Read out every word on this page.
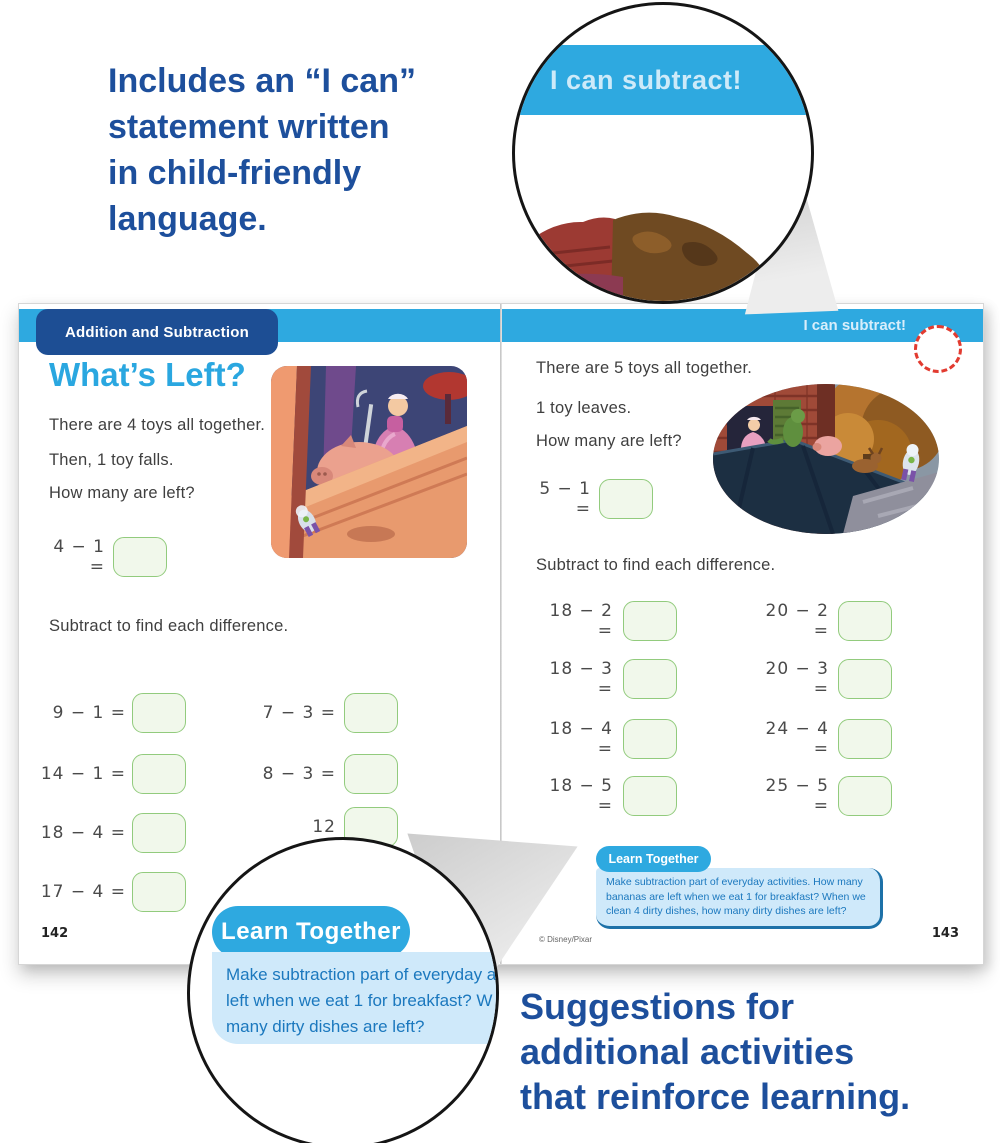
Includes an “I can”
statement written
in child-friendly
language.
I can subtract!
Addition and Subtraction
What’s Left?
There are 4 toys all together.
Then, 1 toy falls.
How many are left?
4 − 1 =
Subtract to find each difference.
9 − 1 =
14 − 1 =
18 − 4 =
17 − 4 =
7 − 3 =
8 − 3 =
12
142
I can subtract!
There are 5 toys all together.
1 toy leaves.
How many are left?
5 − 1 =
Subtract to find each difference.
18 − 2 =
18 − 3 =
18 − 4 =
18 − 5 =
20 − 2 =
20 − 3 =
24 − 4 =
25 − 5 =
Learn Together
Make subtraction part of everyday activities. How many bananas are left when we eat 1 for breakfast? When we clean 4 dirty dishes, how many dirty dishes are left?
© Disney/Pixar	143
Learn Together
Make subtraction part of everyday a
left when we eat 1 for breakfast? W
many dirty dishes are left?	Suggestions for
additional activities
that reinforce learning.
